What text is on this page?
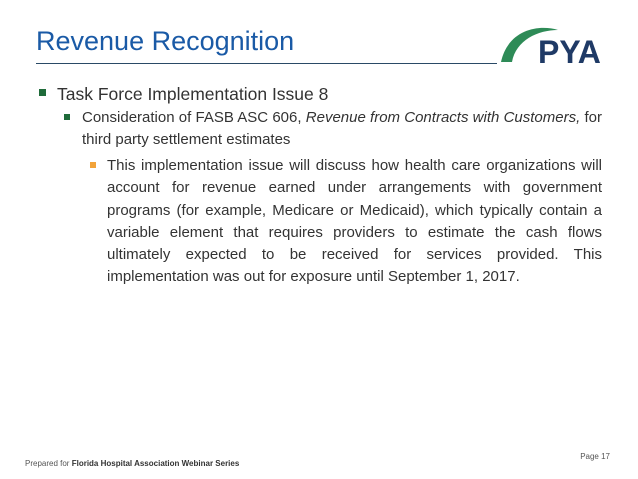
Revenue Recognition	PYA
Task Force Implementation Issue 8
Consideration of FASB ASC 606, Revenue from Contracts with Customers, for third party settlement estimates
This implementation issue will discuss how health care organizations will account for revenue earned under arrangements with government programs (for example, Medicare or Medicaid), which typically contain a variable element that requires providers to estimate the cash flows ultimately expected to be received for services provided. This implementation was out for exposure until September 1, 2017.
Prepared for Florida Hospital Association Webinar Series
Page 17
